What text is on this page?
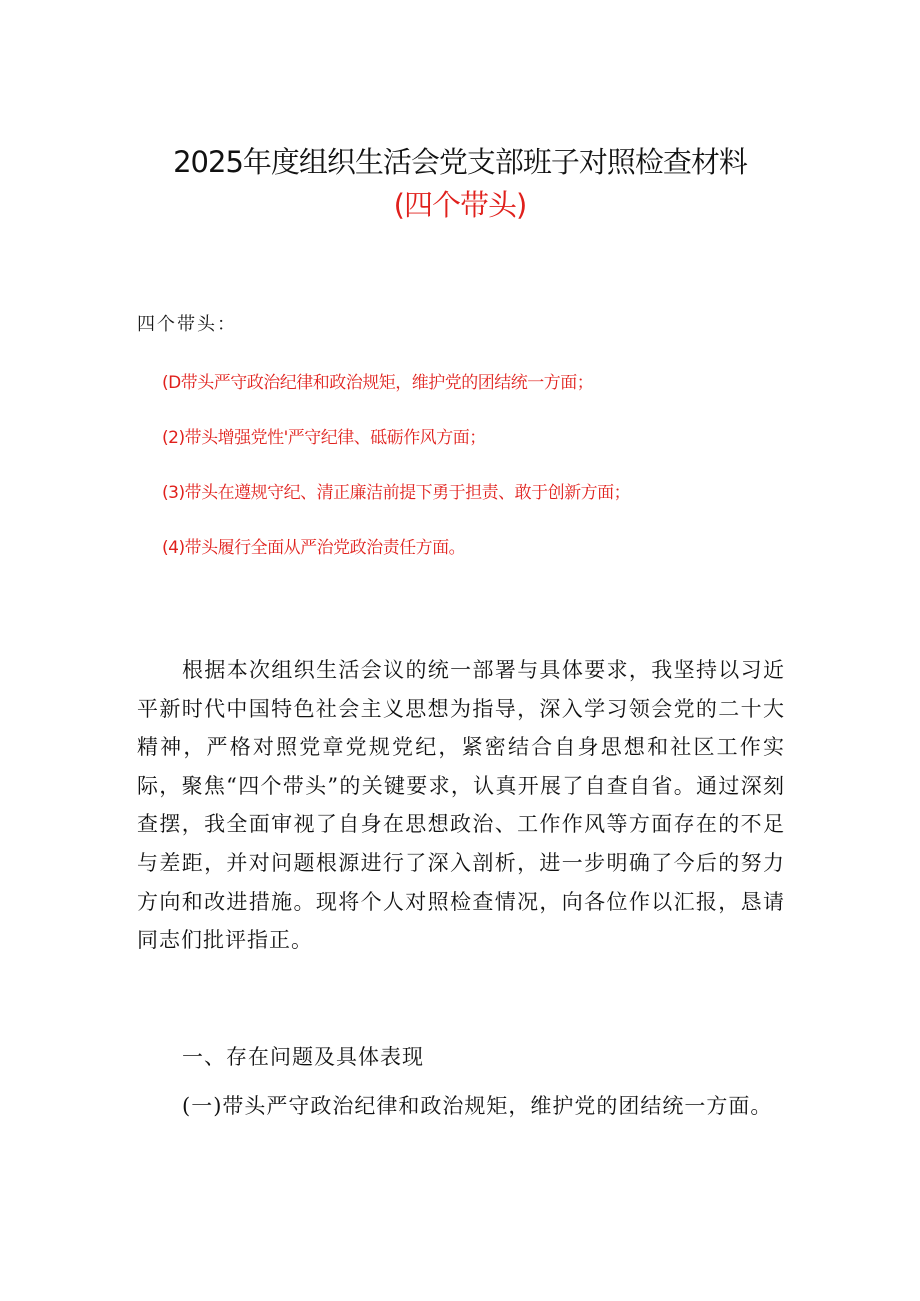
2025年度组织生活会党支部班子对照检查材料
(四个带头)
四个带头：
(D带头严守政治纪律和政治规矩，维护党的团结统一方面；
(2)带头增强党性'严守纪律、砥砺作风方面；
(3)带头在遵规守纪、清正廉洁前提下勇于担责、敢于创新方面；
(4)带头履行全面从严治党政治责任方面。
根据本次组织生活会议的统一部署与具体要求，我坚持以习近平新时代中国特色社会主义思想为指导，深入学习领会党的二十大精神，严格对照党章党规党纪，紧密结合自身思想和社区工作实际，聚焦“四个带头”的关键要求，认真开展了自查自省。通过深刻查摆，我全面审视了自身在思想政治、工作作风等方面存在的不足与差距，并对问题根源进行了深入剖析，进一步明确了今后的努力方向和改进措施。现将个人对照检查情况，向各位作以汇报，恳请同志们批评指正。
一、存在问题及具体表现
(一)带头严守政治纪律和政治规矩，维护党的团结统一方面。
